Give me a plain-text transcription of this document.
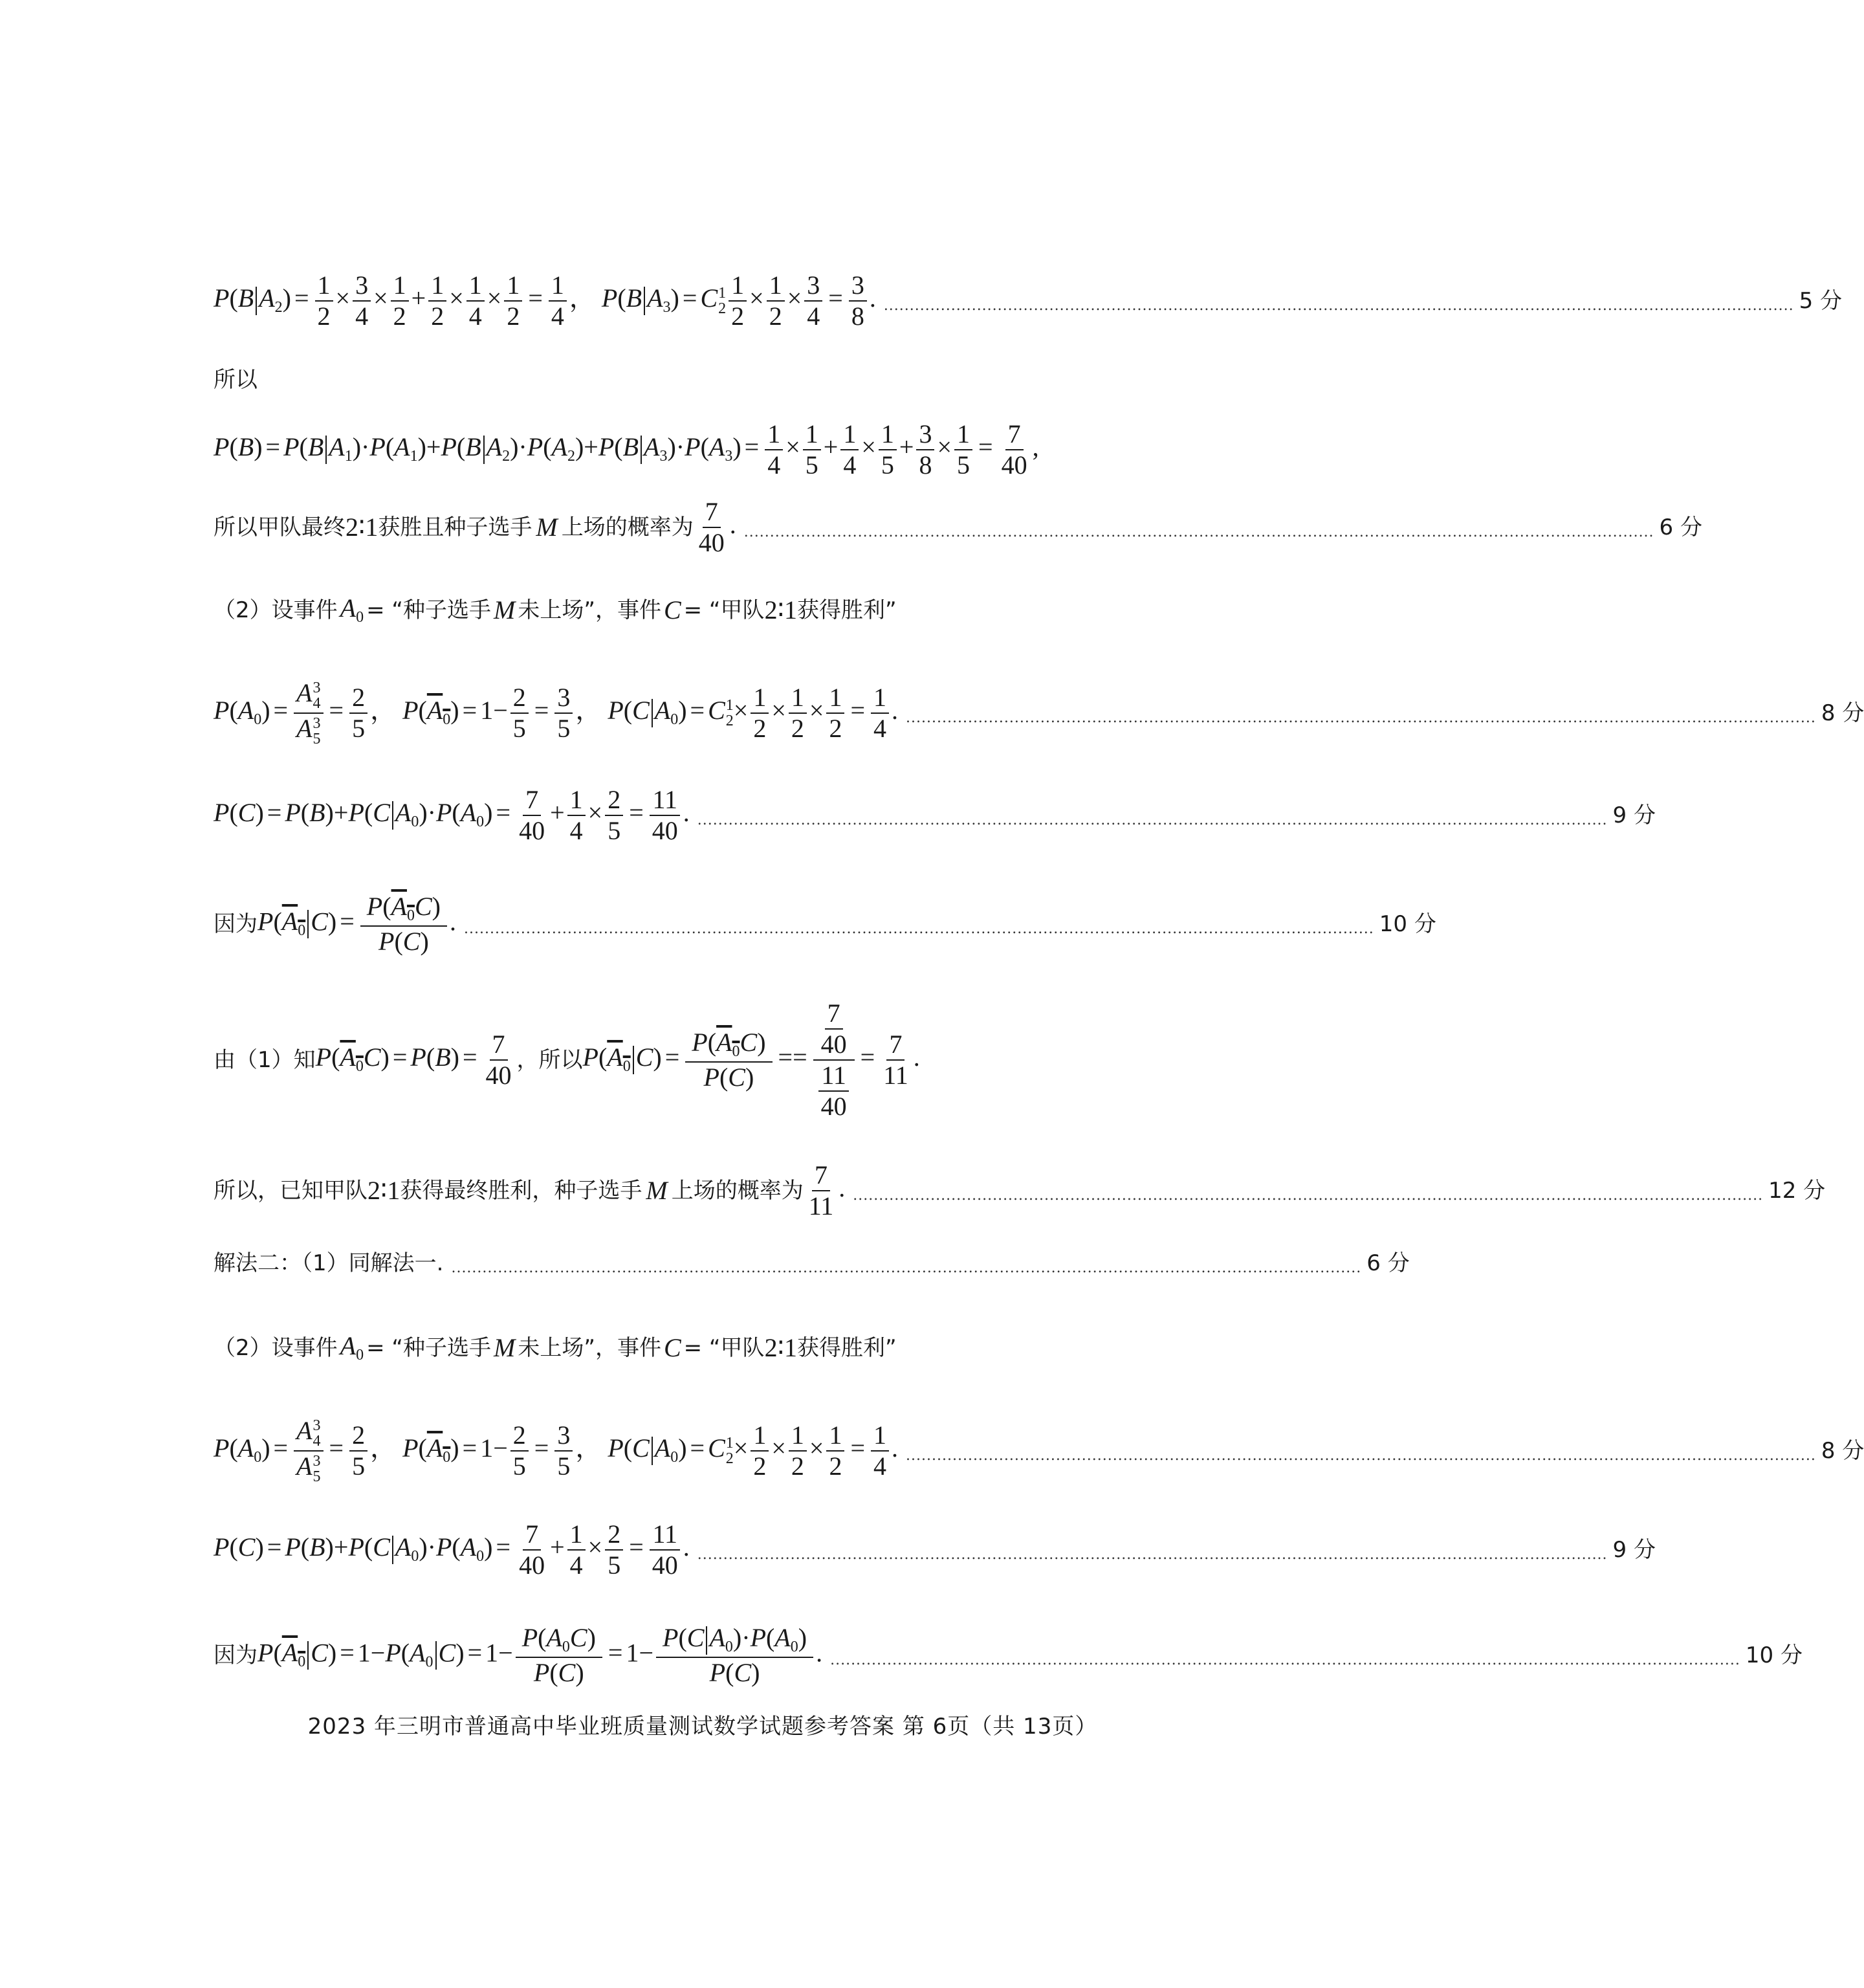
P(B $A_2) = \frac{1}{2} \times \frac{3}{4} \times \frac{1}{2} + \frac{1}{2} \times \frac{1}{4} \times \frac{1}{2} = \frac{1}{4}$ ， P(B $A_3) = C$ 1
$2 \frac{1}{2} \times \frac{1}{2} \times \frac{3}{4} = \frac{3}{8}$ . ................................................................................................................................................................................ 5 分
所以
P(B) = P(B $A_1)\cdot P(A_1)+P(B$ $A_2)\cdot P(A_2)+P(B$ $A_3)\cdot P(A_3) = \frac{1}{4} \times \frac{1}{5} + \frac{1}{4} \times \frac{1}{5} + \frac{3}{8} \times \frac{1}{5} = \frac{7}{40}$ ,
所以甲队最终 2∶1 获胜且种子选手 M 上场的概率为 $\frac{7}{40}$ . ................................................................................................................................................................................ 6 分
（2）设事件 $A_0$ = “种子选手 M 未上场”，事件 C = “甲队 2∶1 获得胜利”
$P(A_0) = A$ 3
4
A 3
$5 = \frac{2}{5}$ ， $P(A_0) = 1- \frac{2}{5} = \frac{3}{5}$ ， P(C $A_0) = C$ 1
$2 \times \frac{1}{2} \times \frac{1}{2} \times \frac{1}{2} = \frac{1}{4}$ . ................................................................................................................................................................................ 8 分
P(C) = P(B)+P(C $A_0)\cdot P(A_0) = \frac{7}{40} + \frac{1}{4} \times \frac{2}{5} = \frac{11}{40}$ . ................................................................................................................................................................................ 9 分
因为 $P(A_0$ $C) = \frac{P(A_0C)}{P(C)}$ . ................................................................................................................................................................................ 10 分
由（1）知 $P(A_0C) = P(B) = \frac{7}{40}$ ，所以 $P(A_0$ $C) = \frac{P(A_0C)}{P(C)} == \frac{\frac{7}{40}}{\frac{11}{40}} = \frac{7}{11}$ .
所以，已知甲队 2∶1 获得最终胜利，种子选手 M 上场的概率为 $\frac{7}{11}$ . ................................................................................................................................................................................ 12 分
解法二：（1）同解法一. ................................................................................................................................................................................ 6 分
（2）设事件 $A_0$ = “种子选手 M 未上场”，事件 C = “甲队 2∶1 获得胜利”
$P(A_0) = A$ 3
4
A 3
$5 = \frac{2}{5}$ ， $P(A_0) = 1- \frac{2}{5} = \frac{3}{5}$ ， P(C $A_0) = C$ 1
$2 \times \frac{1}{2} \times \frac{1}{2} \times \frac{1}{2} = \frac{1}{4}$ . ................................................................................................................................................................................ 8 分
P(C) = P(B)+P(C $A_0)\cdot P(A_0) = \frac{7}{40} + \frac{1}{4} \times \frac{2}{5} = \frac{11}{40}$ . ................................................................................................................................................................................ 9 分
因为 $P(A_0$ $C) = 1-P(A_0$ $C) = 1- \frac{P(A_0C)}{P(C)} = 1- \frac{P(C A_0)\cdot P(A_0)}{P(C)}$ . ................................................................................................................................................................................ 10 分
2023 年三明市普通高中毕业班质量测试数学试题参考答案 第 6页（共 13页）
